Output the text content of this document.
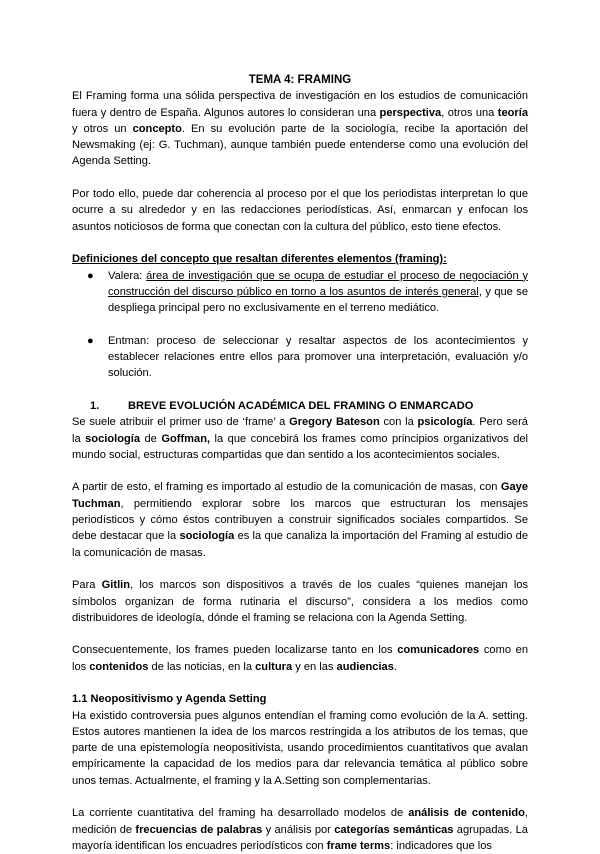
TEMA 4: FRAMING

El Framing forma una sólida perspectiva de investigación en los estudios de comunicación fuera y dentro de España. Algunos autores lo consideran una perspectiva, otros una teoría y otros un concepto. En su evolución parte de la sociología, recibe la aportación del Newsmaking (ej: G. Tuchman), aunque también puede entenderse como una evolución del Agenda Setting.

Por todo ello, puede dar coherencia al proceso por el que los periodistas interpretan lo que ocurre a su alrededor y en las redacciones periodísticas. Así, enmarcan y enfocan los asuntos noticiosos de forma que conectan con la cultura del público, esto tiene efectos.

Definiciones del concepto que resaltan diferentes elementos (framing):

● Valera: área de investigación que se ocupa de estudiar el proceso de negociación y construcción del discurso público en torno a los asuntos de interés general, y que se despliega principal pero no exclusivamente en el terreno mediático.
● Entman: proceso de seleccionar y resaltar aspectos de los acontecimientos y establecer relaciones entre ellos para promover una interpretación, evaluación y/o solución.

1.	BREVE EVOLUCIÓN ACADÉMICA DEL FRAMING O ENMARCADO

Se suele atribuir el primer uso de ‘frame’ a Gregory Bateson con la psicología. Pero será la sociología de Goffman, la que concebirá los frames como principios organizativos del mundo social, estructuras compartidas que dan sentido a los acontecimientos sociales.

A partir de esto, el framing es importado al estudio de la comunicación de masas, con Gaye Tuchman, permitiendo explorar sobre los marcos que estructuran los mensajes periodísticos y cómo éstos contribuyen a construir significados sociales compartidos. Se debe destacar que la sociología es la que canaliza la importación del Framing al estudio de la comunicación de masas.

Para Gitlin, los marcos son dispositivos a través de los cuales “quienes manejan los símbolos organizan de forma rutinaria el discurso”, considera a los medios como distribuidores de ideología, dónde el framing se relaciona con la Agenda Setting.

Consecuentemente, los frames pueden localizarse tanto en los comunicadores como en los contenidos de las noticias, en la cultura y en las audiencias.

1.1 Neopositivismo y Agenda Setting

Ha existido controversia pues algunos entendían el framing como evolución de la A. setting. Estos autores mantienen la idea de los marcos restringida a los atributos de los temas, que parte de una epistemología neopositivista, usando procedimientos cuantitativos que avalan empíricamente la capacidad de los medios para dar relevancia temática al público sobre unos temas. Actualmente, el framing y la A.Setting son complementarias.

La corriente cuantitativa del framing ha desarrollado modelos de análisis de contenido, medición de frecuencias de palabras y análisis por categorías semánticas agrupadas. La mayoría identifican los encuadres periodísticos con frame terms: indicadores que los
